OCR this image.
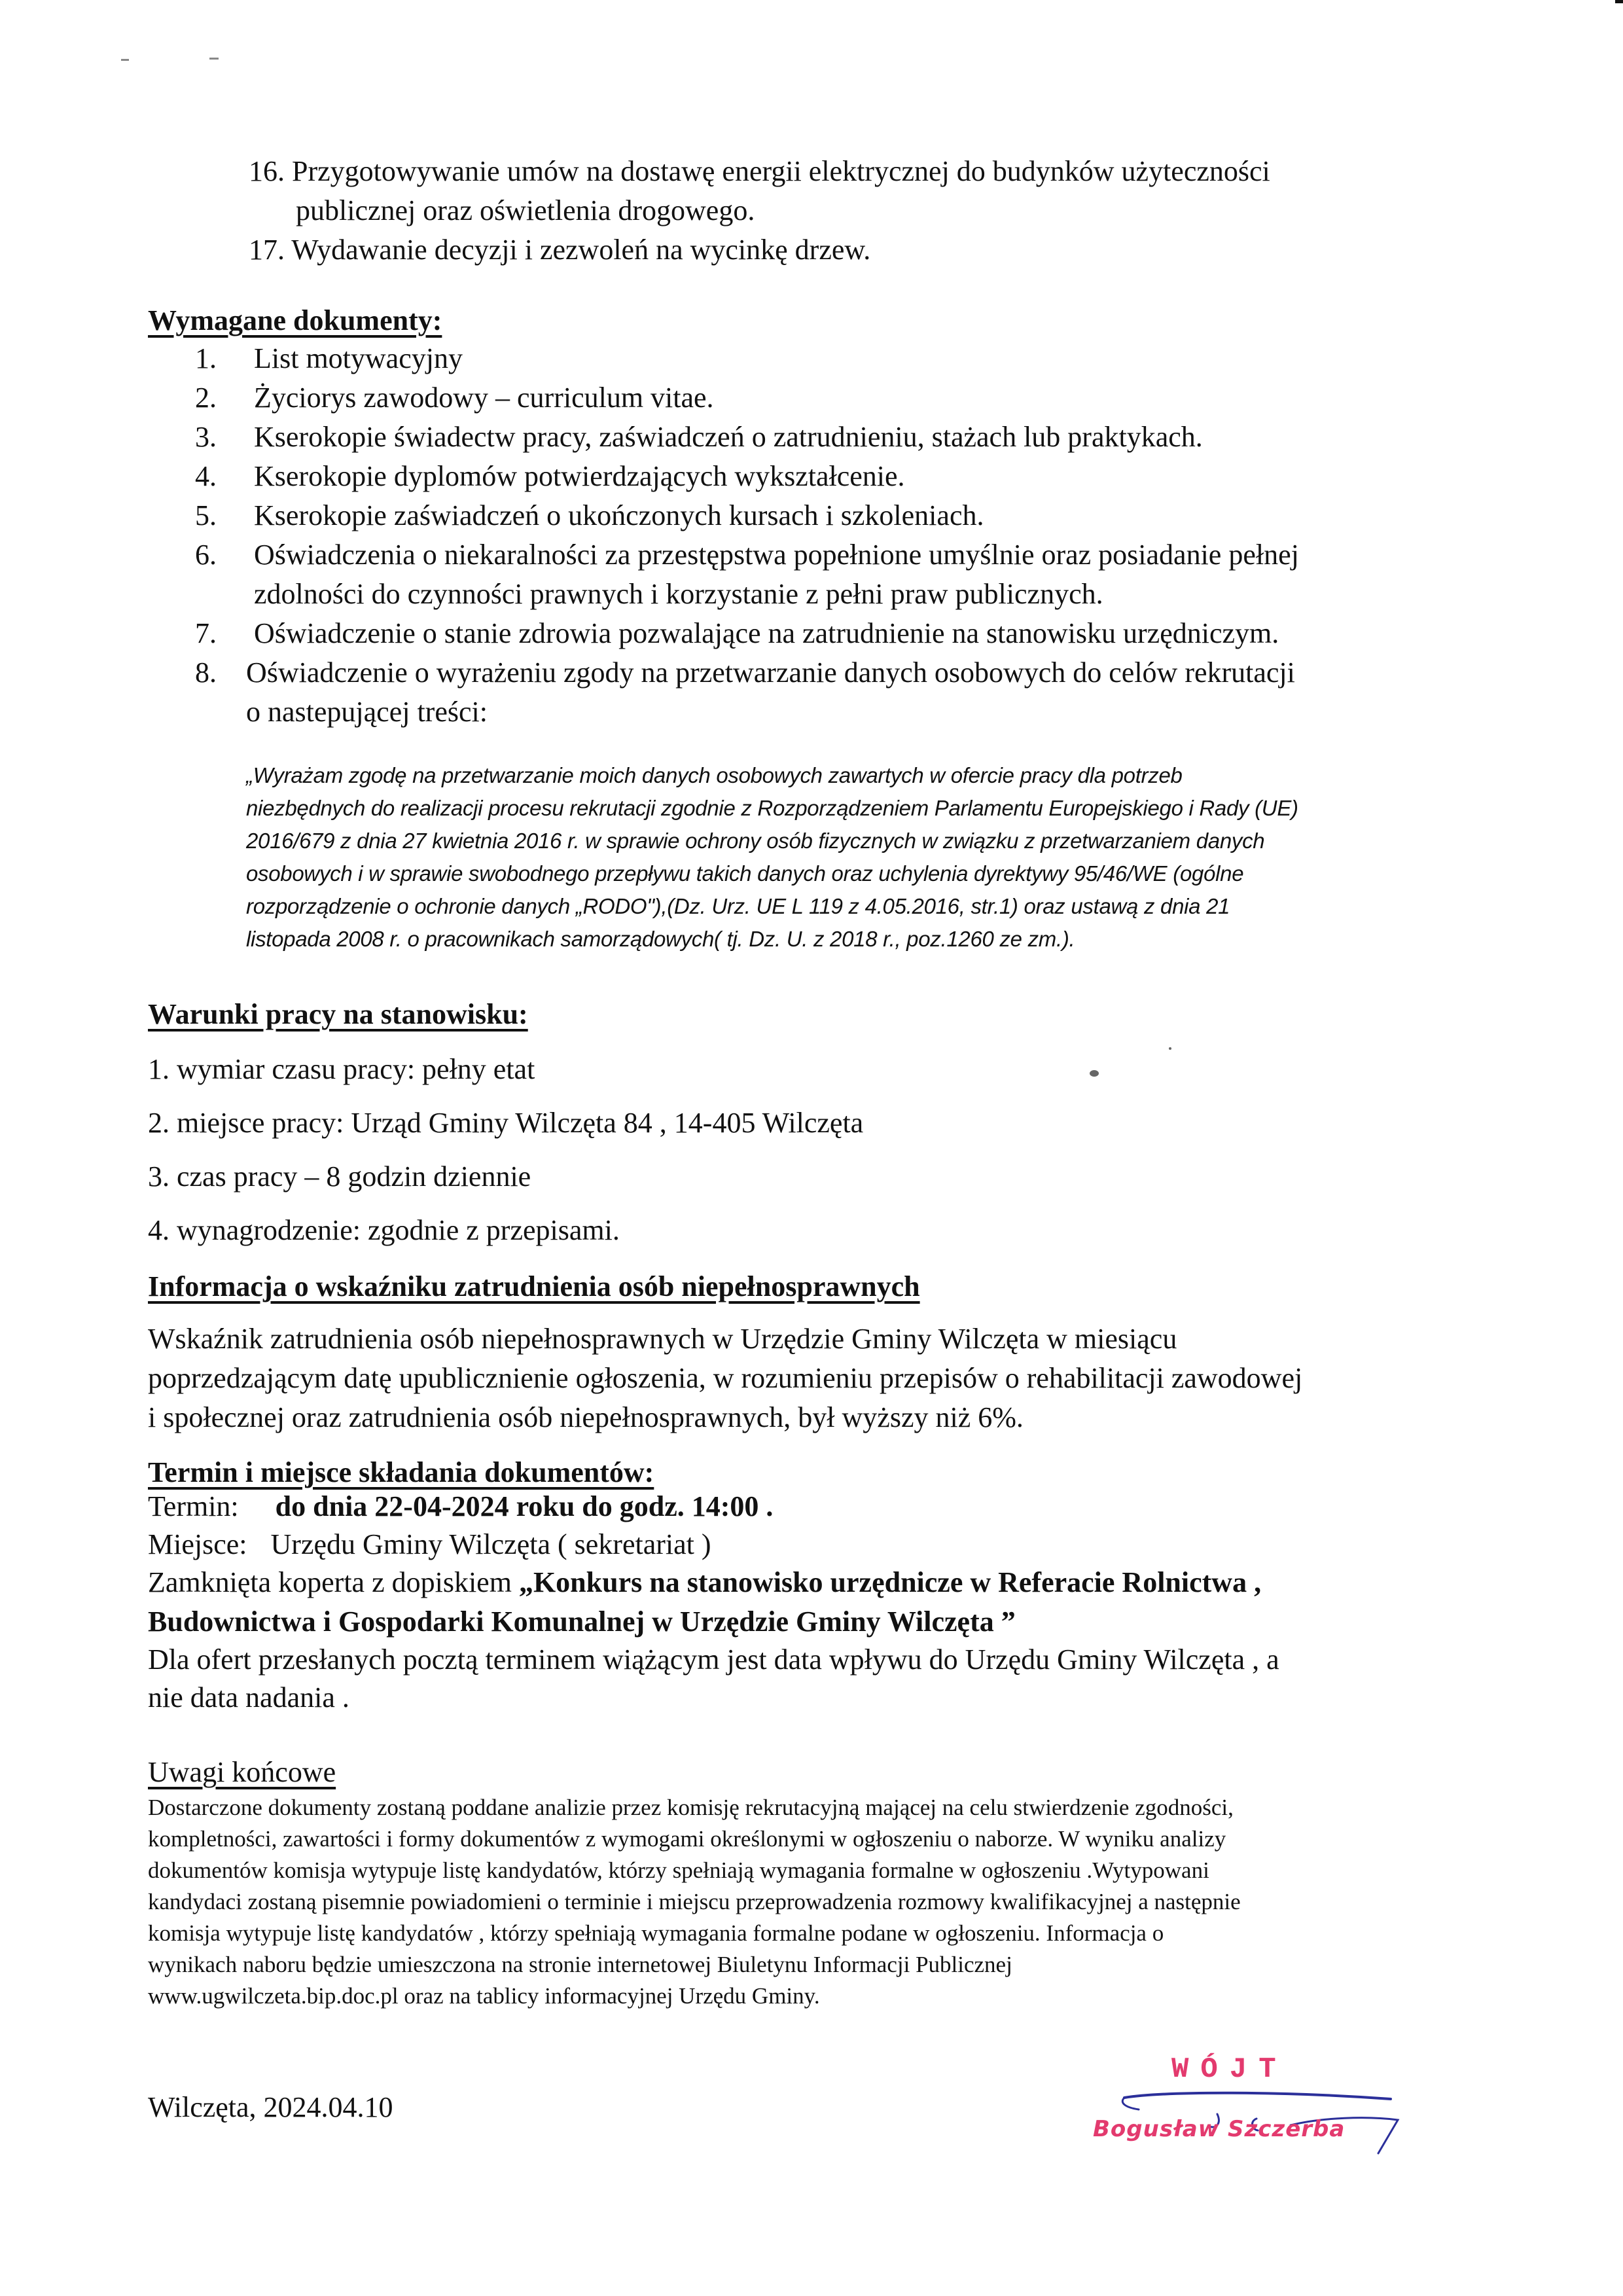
16. Przygotowywanie umów na dostawę energii elektrycznej do budynków użyteczności
publicznej oraz oświetlenia drogowego.
17. Wydawanie decyzji i zezwoleń na wycinkę drzew.
Wymagane dokumenty:
1. List motywacyjny
2. Życiorys zawodowy – curriculum vitae.
3. Kserokopie świadectw pracy, zaświadczeń o zatrudnieniu, stażach lub praktykach.
4. Kserokopie dyplomów potwierdzających wykształcenie.
5. Kserokopie zaświadczeń o ukończonych kursach i szkoleniach.
6. Oświadczenia o niekaralności za przestępstwa popełnione umyślnie oraz posiadanie pełnej
zdolności do czynności prawnych i korzystanie z pełni praw publicznych.
7. Oświadczenie o stanie zdrowia pozwalające na zatrudnienie na stanowisku urzędniczym.
8. Oświadczenie o wyrażeniu zgody na przetwarzanie danych osobowych do celów rekrutacji
o nastepującej treści:
„Wyrażam zgodę na przetwarzanie moich danych osobowych zawartych w ofercie pracy dla potrzeb
niezbędnych do realizacji procesu rekrutacji zgodnie z Rozporządzeniem Parlamentu Europejskiego i Rady (UE)
2016/679 z dnia 27 kwietnia 2016 r. w sprawie ochrony osób fizycznych w związku z przetwarzaniem danych
osobowych i w sprawie swobodnego przepływu takich danych oraz uchylenia dyrektywy 95/46/WE (ogólne
rozporządzenie o ochronie danych „RODO"),(Dz. Urz. UE L 119 z 4.05.2016, str.1) oraz ustawą z dnia 21
listopada 2008 r. o pracownikach samorządowych( tj. Dz. U. z 2018 r., poz.1260 ze zm.).
Warunki pracy na stanowisku:
1. wymiar czasu pracy: pełny etat
2. miejsce pracy: Urząd Gminy Wilczęta 84 , 14-405 Wilczęta
3. czas pracy – 8 godzin dziennie
4. wynagrodzenie: zgodnie z przepisami.
Informacja o wskaźniku zatrudnienia osób niepełnosprawnych
Wskaźnik zatrudnienia osób niepełnosprawnych w Urzędzie Gminy Wilczęta w miesiącu
poprzedzającym datę upublicznienie ogłoszenia, w rozumieniu przepisów o rehabilitacji zawodowej
i społecznej oraz zatrudnienia osób niepełnosprawnych, był wyższy niż 6%.
Termin i miejsce składania dokumentów:
Termin: do dnia 22-04-2024 roku do godz. 14:00 .
Miejsce: Urzędu Gminy Wilczęta ( sekretariat )
Zamknięta koperta z dopiskiem „Konkurs na stanowisko urzędnicze w Referacie Rolnictwa ,
Budownictwa i Gospodarki Komunalnej w Urzędzie Gminy Wilczęta ”
Dla ofert przesłanych pocztą terminem wiążącym jest data wpływu do Urzędu Gminy Wilczęta , a
nie data nadania .
Uwagi końcowe
Dostarczone dokumenty zostaną poddane analizie przez komisję rekrutacyjną mającej na celu stwierdzenie zgodności,
kompletności, zawartości i formy dokumentów z wymogami określonymi w ogłoszeniu o naborze. W wyniku analizy
dokumentów komisja wytypuje listę kandydatów, którzy spełniają wymagania formalne w ogłoszeniu .Wytypowani
kandydaci zostaną pisemnie powiadomieni o terminie i miejscu przeprowadzenia rozmowy kwalifikacyjnej a następnie
komisja wytypuje listę kandydatów , którzy spełniają wymagania formalne podane w ogłoszeniu. Informacja o
wynikach naboru będzie umieszczona na stronie internetowej Biuletynu Informacji Publicznej
www.ugwilczeta.bip.doc.pl oraz na tablicy informacyjnej Urzędu Gminy.
Wilczęta, 2024.04.10
WÓJT
Bogusław Szczerba
